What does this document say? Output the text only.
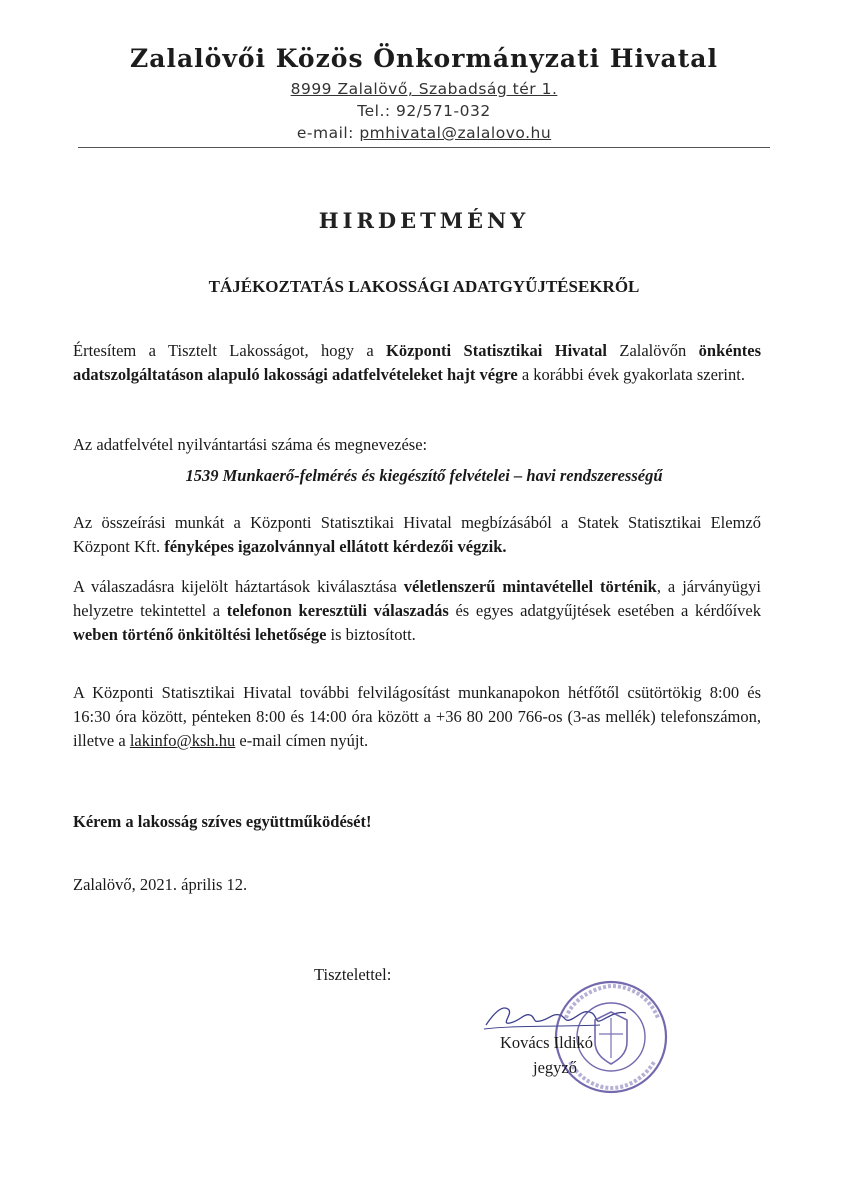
Zalalövői Közös Önkormányzati Hivatal
8999 Zalalövő, Szabadság tér 1.
Tel.: 92/571-032
e-mail: pmhivatal@zalalovo.hu
HIRDETMÉNY
TÁJÉKOZTATÁS LAKOSSÁGI ADATGYŰJTÉSEKRŐL
Értesítem a Tisztelt Lakosságot, hogy a Központi Statisztikai Hivatal Zalalövőn önkéntes adatszolgáltatáson alapuló lakossági adatfelvételeket hajt végre a korábbi évek gyakorlata szerint.
Az adatfelvétel nyilvántartási száma és megnevezése:
1539 Munkaerő-felmérés és kiegészítő felvételei – havi rendszerességű
Az összeírási munkát a Központi Statisztikai Hivatal megbízásából a Statek Statisztikai Elemző Központ Kft. fényképes igazolvánnyal ellátott kérdezői végzik.
A válaszadásra kijelölt háztartások kiválasztása véletlenszerű mintavétellel történik, a járványügyi helyzetre tekintettel a telefonon keresztüli válaszadás és egyes adatgyűjtések esetében a kérdőívek weben történő önkitöltési lehetősége is biztosított.
A Központi Statisztikai Hivatal további felvilágosítást munkanapokon hétfőtől csütörtökig 8:00 és 16:30 óra között, pénteken 8:00 és 14:00 óra között a +36 80 200 766-os (3-as mellék) telefonszámon, illetve a lakinfo@ksh.hu e-mail címen nyújt.
Kérem a lakosság szíves együttműködését!
Zalalövő, 2021. április 12.
Tisztelettel:
Kovács Ildikó
jegyző
